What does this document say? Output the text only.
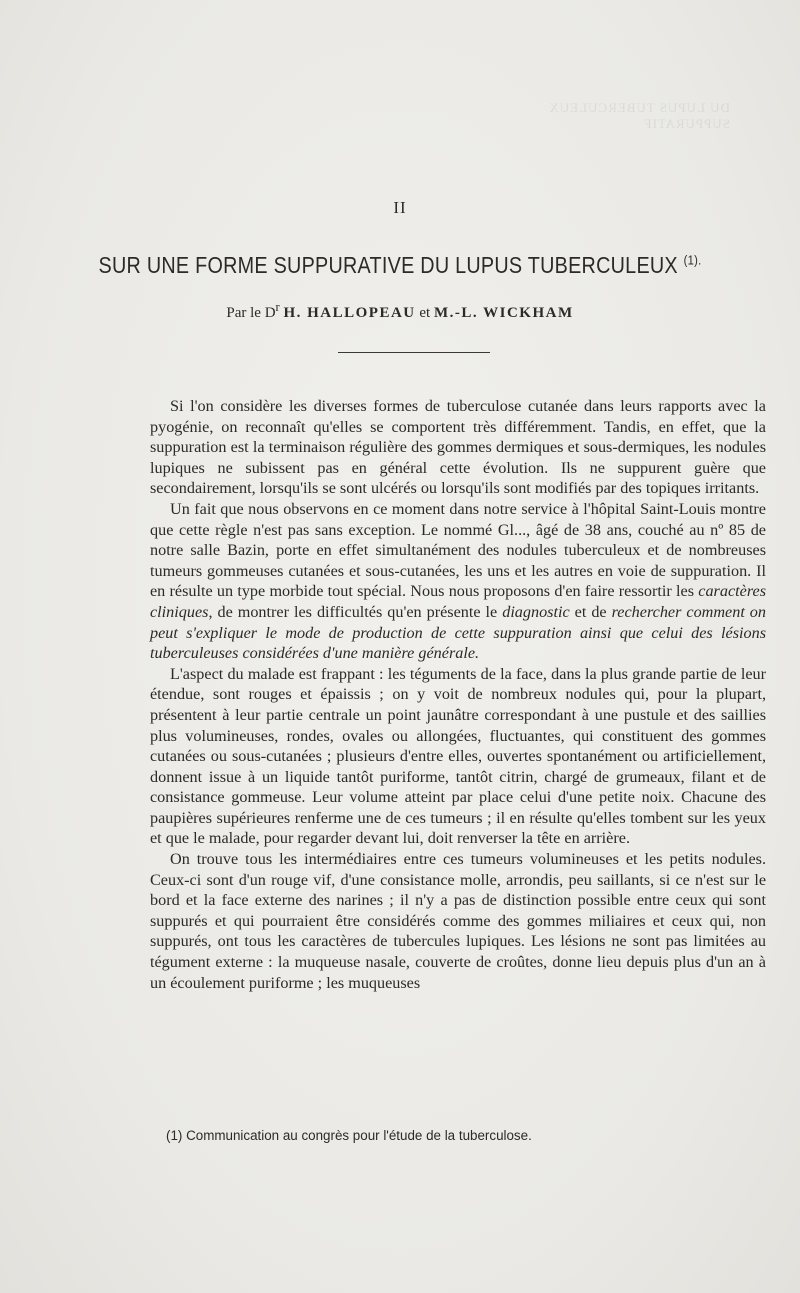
DU LUPUS TUBERCULEUX SUPPURATIF
II
SUR UNE FORME SUPPURATIVE DU LUPUS TUBERCULEUX $^{(1).}$
Par le $D^r$ H. HALLOPEAU et M.-L. WICKHAM

Si l'on considère les diverses formes de tuberculose cutanée dans leurs rapports avec la pyogénie, on reconnaît qu'elles se comportent très différemment. Tandis, en effet, que la suppuration est la terminaison régulière des gommes dermiques et sous-dermiques, les nodules lupiques ne subissent pas en général cette évolution. Ils ne suppurent guère que secondairement, lorsqu'ils se sont ulcérés ou lorsqu'ils sont modifiés par des topiques irritants.

Un fait que nous observons en ce moment dans notre service à l'hôpital Saint-Louis montre que cette règle n'est pas sans exception. Le nommé Gl..., âgé de 38 ans, couché au nº 85 de notre salle Bazin, porte en effet simultanément des nodules tuberculeux et de nombreuses tumeurs gommeuses cutanées et sous-cutanées, les uns et les autres en voie de suppuration. Il en résulte un type morbide tout spécial. Nous nous proposons d'en faire ressortir les caractères cliniques, de montrer les difficultés qu'en présente le diagnostic et de rechercher comment on peut s'expliquer le mode de production de cette suppuration ainsi que celui des lésions tuberculeuses considérées d'une manière générale.

L'aspect du malade est frappant : les téguments de la face, dans la plus grande partie de leur étendue, sont rouges et épaissis ; on y voit de nombreux nodules qui, pour la plupart, présentent à leur partie centrale un point jaunâtre correspondant à une pustule et des saillies plus volumineuses, rondes, ovales ou allongées, fluctuantes, qui constituent des gommes cutanées ou sous-cutanées ; plusieurs d'entre elles, ouvertes spontanément ou artificiellement, donnent issue à un liquide tantôt puriforme, tantôt citrin, chargé de grumeaux, filant et de consistance gommeuse. Leur volume atteint par place celui d'une petite noix. Chacune des paupières supérieures renferme une de ces tumeurs ; il en résulte qu'elles tombent sur les yeux et que le malade, pour regarder devant lui, doit renverser la tête en arrière.

On trouve tous les intermédiaires entre ces tumeurs volumineuses et les petits nodules. Ceux-ci sont d'un rouge vif, d'une consistance molle, arrondis, peu saillants, si ce n'est sur le bord et la face externe des narines ; il n'y a pas de distinction possible entre ceux qui sont suppurés et qui pourraient être considérés comme des gommes miliaires et ceux qui, non suppurés, ont tous les caractères de tubercules lupiques. Les lésions ne sont pas limitées au tégument externe : la muqueuse nasale, couverte de croûtes, donne lieu depuis plus d'un an à un écoulement puriforme ; les muqueuses

(1) Communication au congrès pour l'étude de la tuberculose.
